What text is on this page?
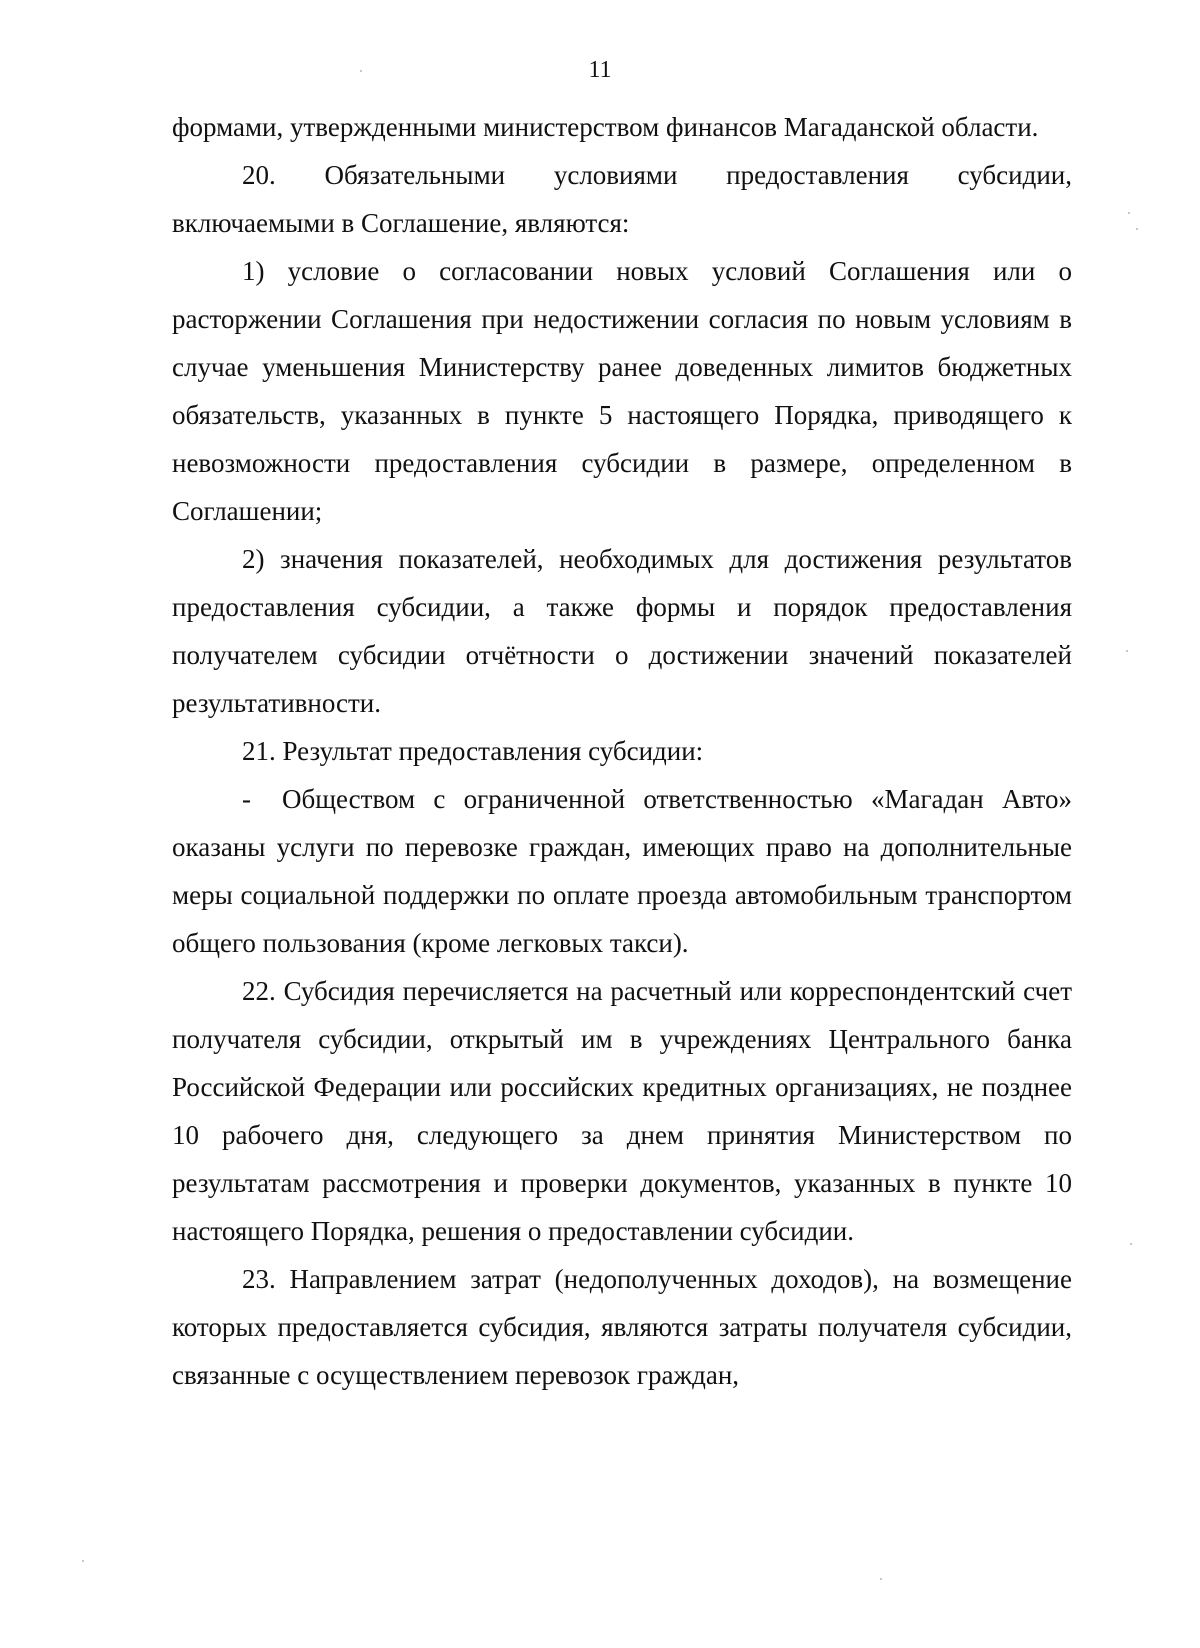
11

формами, утвержденными министерством финансов Магаданской области.

20. Обязательными условиями предоставления субсидии, включаемыми в Соглашение, являются:

1) условие о согласовании новых условий Соглашения или о расторжении Соглашения при недостижении согласия по новым условиям в случае уменьшения Министерству ранее доведенных лимитов бюджетных обязательств, указанных в пункте 5 настоящего Порядка, приводящего к невозможности предоставления субсидии в размере, определенном в Соглашении;

2) значения показателей, необходимых для достижения результатов предоставления субсидии, а также формы и порядок предоставления получателем субсидии отчётности о достижении значений показателей результативности.

21. Результат предоставления субсидии:

- Обществом с ограниченной ответственностью «Магадан Авто» оказаны услуги по перевозке граждан, имеющих право на дополнительные меры социальной поддержки по оплате проезда автомобильным транспортом общего пользования (кроме легковых такси).

22. Субсидия перечисляется на расчетный или корреспондентский счет получателя субсидии, открытый им в учреждениях Центрального банка Российской Федерации или российских кредитных организациях, не позднее 10 рабочего дня, следующего за днем принятия Министерством по результатам рассмотрения и проверки документов, указанных в пункте 10 настоящего Порядка, решения о предоставлении субсидии.

23. Направлением затрат (недополученных доходов), на возмещение которых предоставляется субсидия, являются затраты получателя субсидии, связанные с осуществлением перевозок граждан,
